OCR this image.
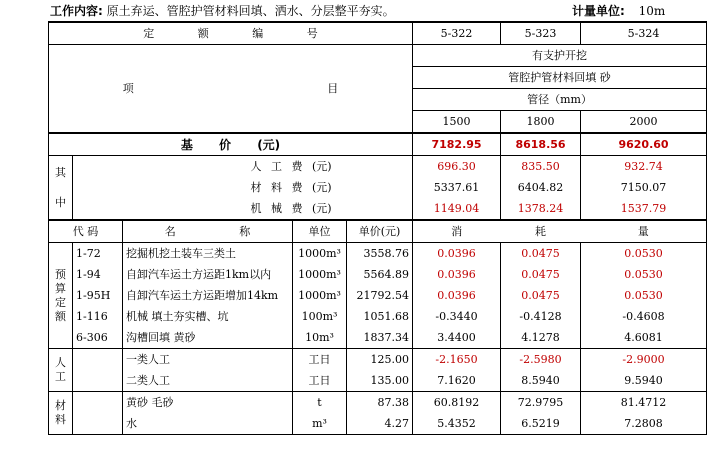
工作内容: 原土弃运、管腔护管材料回填、洒水、分层整平夯实。	计量单位: 10m
定 额 编 号					5-322	5-323	5-324
项 目					有支护开挖		
					管腔护管材料回填 砂		
					管径（mm）		
					1500	1800	2000
基 价 (元)					7182.95	8618.56	9620.60
其
中	人 工 费 (元)				696.30	835.50	932.74
	材 料 费 (元)				5337.61	6404.82	7150.07
	机 械 费 (元)				1149.04	1378.24	1537.79
代 码		名 称	单位	单价(元)	消	耗	量
预
算
定
额	1-72	挖掘机挖土装车三类土	1000m³	3558.76	0.0396	0.0475	0.0530
	1-94	自卸汽车运土方运距1km以内	1000m³	5564.89	0.0396	0.0475	0.0530
	1-95H	自卸汽车运土方运距增加14km	1000m³	21792.54	0.0396	0.0475	0.0530
	1-116	机械 填土夯实槽、坑	100m³	1051.68	-0.3440	-0.4128	-0.4608
	6-306	沟槽回填 黄砂	10m³	1837.34	3.4400	4.1278	4.6081
人
工		一类人工	工日	125.00	-2.1650	-2.5980	-2.9000
		二类人工	工日	135.00	7.1620	8.5940	9.5940
材
料		黄砂 毛砂	t	87.38	60.8192	72.9795	81.4712
		水	m³	4.27	5.4352	6.5219	7.2808
